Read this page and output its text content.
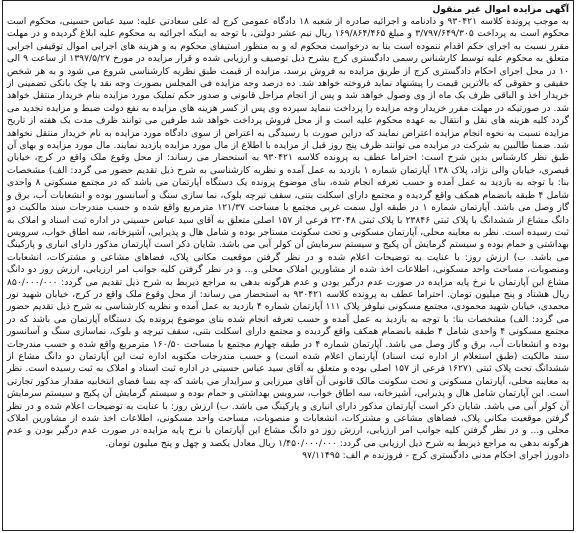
آگهی مزایده اموال غیر منقول
به موجب پرونده کلاسه ۹۳۰۴۲۱ و دادنامه و اجرائیه صادره از شعبه ۱۸ دادگاه عمومی کرج له علی سعادتی علیه: سید عباس حسینی، محکوم است محکوم است به پرداخت ۳/۷۹۷/۶۴۹/۳۰۵ و مبلغ ۱۶۹/۸۶۴/۴۶۵ ریال نیم عشر دولتی، با توجه به اینکه اجرائیه به محکوم علیه ابلاغ گردیده و در مهلت مقرر نسبت به اجرای حکم اقدام ننموده است بنا به درخواست محکوم له و به منظور استیفای محکوم به و هزینه های اجرایی اموال توقیفی اجرایی متعلق به محکوم علیه توسط کارشناس رسمی دادگستری کرج بشرح ذیل توصیف و ارزیابی شده و قرار مزایده در مورخ ۱۳۹۷/۵/۲۷ از ساعت ۹ الی ۱۰ در محل اجرای احکام دادگستری کرج از طریق مزایده به فروش برسد، مزایده از قیمت طبق نظریه کارشناسی شروع می شود و به هر شخص حقیقی و حقوقی که بالاترین قیمت را پیشنهاد نماید فروخته خواهد شد. ده درصد وجه مزایده فی المجلس بصورت وجه نقد یا چک بانکی تضمینی از خریدار اخذ و الباقی ظرف یک ماه از وی وصول خواهد شد و پس از انجام مراحل قانونی و صدور حکم تملیک مورد مزایده بنام خریدار منتقل خواهد شد. در صورتیکه در مهلت مقرر خریدار وجه مزایده را پرداخت ننماید سپرده وی پس از کسر هزینه های مزایده به نفع دولت ضبط و مزایده تجدید می گردد کلیه هزینه های نقل و انتقال به عهده محکوم علیه است و از محل فروش پرداخت خواهد شد طرفین می توانند ظرف مدت یک هفته از تاریخ مزایده نسبت به نحوه انجام مزایده اعتراض نمایند که دراین صورت با رسیدگی به اعتراض از سوی دادگاه مورد مزایده به نام خریدار منتقل نخواهد شد. ضمنا طالبین به شرکت در مزایده می توانند ظرف پنج روز قبل از مزایده با اطلاع از مال مورد مزایده بازدید نمایند. مال مورد مزایده و بهای آن طبق نظر کارشناس بدین شرح است: احتراما عطف به پرونده کلاسه ۹۳۰۴۲۱ به استحضار می رساند: از محل وقوع ملک واقع در کرج، خیابان قیصری، خیابان والی نژاد، پلاک ۱۳۸ آپارتمان شماره ۱ بازدید به عمل آمده و نظریه کارشناسی به شرح ذیل تقدیم حضور می گردد: الف) مشخصات بنا: با توجه به بازدید به عمل آمده و حسب تعرفه انجام شده، بنای موضوع پرونده یک دستگاه آپارتمان می باشد که در مجتمع مسکونی ۸ واحدی شامل ۴ طبقه بانضمام همکف واقع گردیده و مجتمع دارای اسکلت بتنی، سقف تیرچه بلوک، نما سازی سنگ و آسانسور بوده و انشعابات آب، برق و گاز وصل می باشد. آپارتمان شماره ۱ در طبقه اول سمت غربی مجتمع با مساحت ۱۲۱/۳۷ مترمربع واقع شده و حسب مندرجات سند مالکیت دو دانگ مشاع از ششدانگ با پلاک ثبتی ۲۳۸۴۶ با پلاک ثبتی ۲۳۰۴۸ فرعی از ۱۵۷ اصلی متعلق به آقای سید عباس حسینی در اداره ثبت اسناد و املاک به ثبت رسیده است. نظر به معاینه محلی، آپارتمان مسکونی و تحت سکونت مستاجر بوده و شامل هال و پذیرایی، آشپزخانه، سه اطاق خواب، سرویس بهداشتی و حمام بوده و سیستم گرمایش آن پکیج و سیستم سرمایش آن کولر آبی می باشد. شایان ذکر است آپارتمان مذکور دارای انباری و پارکینگ می باشد. ب) ارزش روز: با عنایت به توضیحات اعلام شده و در نظر گرفتن موقعیت مکانی پلاک، فضاهای مشاعی و مشترکات، انشعابات ومنصوبات، مساحت واحد مسکونی، اطلاعات اخذ شده از مشاورین املاک محلی و... و در نظر گرفتن کلیه جوانب امر ارزیابی، ارزش روز دو دانگ مشاع این آپارتمان با نرخ پایه مزایده در صورت عدم درگیر بودن و عدم هرگونه بدهی به مراجع ذیربط به شرح ذیل تقدیم می گردد: ۸۵۰/۰۰۰/۰۰۰ ریال هشتاد و پنج میلیون تومان. احتراما عطف به پرونده کلاسه ۹۳۰۴۲۱ به استحضار می رساند: از محل وقوع ملک واقع در کرج، خیابان شهید نور محمدی، خیابان شهید محمودی، مجتمع مسکونی نیلوفر پلاک ۱۱۱ آپارتمان شماره ۴ بازدید به عمل آمده و نظریه کارشناسی به شرح ذیل تقدیم حضور می گردد: الف) مشخصات بنا: با توجه به بازدید به عمل آمده و حسب تعرفه انجام شده بنای موضوع پرونده یک دستگاه آپارتمان می باشد که در مجتمع مسکونی ۴ واحدی شامل ۴ طبقه بانضمام همکف واقع گردیده و مجتمع دارای اسکلت بتنی، سقف تیرچه و بلوک، نماسازی سنگ و آسانسور بوده و انشعابات آب، برق و گاز وصل می باشد. آپارتمان شماره ۴ در طبقه چهارم مجتمع با مساحت ۱۶۰/۵۰ مترمربع واقع شده و حسب مندرجات سند مالکیت (طبق استعلام از اداره ثبت اسناد) آپارتمان اعلام شده است) و حسب مندرجات مکتوبه اداره ثبت این آپارتمان دو دانگ مشاع از ششدانگ تحت پلاک ثبتی ۱۶۲۷۱ فرعی از ۱۵۷ اصلی بوده و متعلق به آقای سید عباس حسینی در اداره ثبت اسناد و املاک به ثبت رسیده است. نظر به معاینه محلی، آپارتمان مسکونی و تحت سکونت مالک قانونی آن آقای میرزایی و سرایدار می باشد که چه بسا فضای انتخابیه مقدار مذکور تجارتی است. این آپارتمان شامل هال و پذیرایی، آشپزخانه، سه اطاق خواب، سرویس بهداشتی و حمام بوده و سیستم گرمایش آن پکیج و سیستم سرمایش آن کولر آبی می باشد. شایان ذکر است آپارتمان مذکور دارای انباری و پارکینگ می باشد. ب) ارزش روز: با عنایت به توضیحات اعلام شده و در نظر گرفتن موقعیت مکانی پلاک، فضاهای مشاعی و مشترکات، انشعابات و منصوبات، مساحت واحد مسکونی، اطلاعات اخذ شده از مشاورین املاک محلی و... و در نظر گرفتن کلیه جوانب امر ارزیابی، ارزش روز دو دانگ مشاع این آپارتمان با نرخ پایه مزایده در صورت عدم درگیر بودن و عدم هرگونه بدهی به مراجع ذیربط به شرح ذیل ارزیابی می گردد: ۱/۴۵۰/۰۰۰/۰۰۰ ریال معادل یکصد و چهل و پنج میلیون تومان.
دادورز اجرای احکام مدنی دادگستری کرج - فروزنده م الف: ۹۷/۱۱۴۹۵
